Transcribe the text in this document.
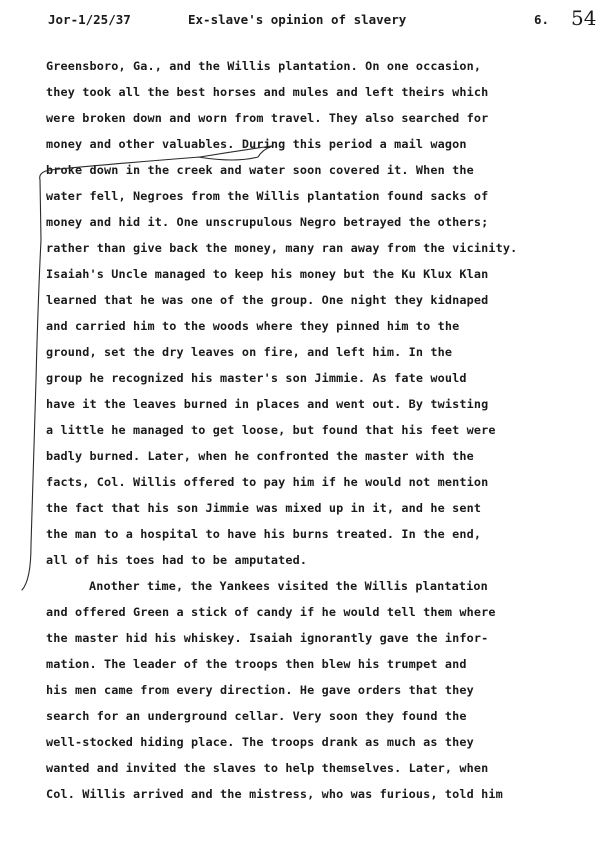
Jor-1/25/37	Ex-slave's opinion of slavery	6. 54
Greensboro, Ga., and the Willis plantation. On one occasion,
they took all the best horses and mules and left theirs which
were broken down and worn from travel. They also searched for
money and other valuables. During this period a mail wagon
broke down in the creek and water soon covered it. When the
water fell, Negroes from the Willis plantation found sacks of
money and hid it. One unscrupulous Negro betrayed the others;
rather than give back the money, many ran away from the vicinity.
Isaiah's Uncle managed to keep his money but the Ku Klux Klan
learned that he was one of the group. One night they kidnaped
and carried him to the woods where they pinned him to the
ground, set the dry leaves on fire, and left him. In the
group he recognized his master's son Jimmie. As fate would
have it the leaves burned in places and went out. By twisting
a little he managed to get loose, but found that his feet were
badly burned. Later, when he confronted the master with the
facts, Col. Willis offered to pay him if he would not mention
the fact that his son Jimmie was mixed up in it, and he sent
the man to a hospital to have his burns treated. In the end,
all of his toes had to be amputated.
Another time, the Yankees visited the Willis plantation
and offered Green a stick of candy if he would tell them where
the master hid his whiskey. Isaiah ignorantly gave the infor-
mation. The leader of the troops then blew his trumpet and
his men came from every direction. He gave orders that they
search for an underground cellar. Very soon they found the
well-stocked hiding place. The troops drank as much as they
wanted and invited the slaves to help themselves. Later, when
Col. Willis arrived and the mistress, who was furious, told him
